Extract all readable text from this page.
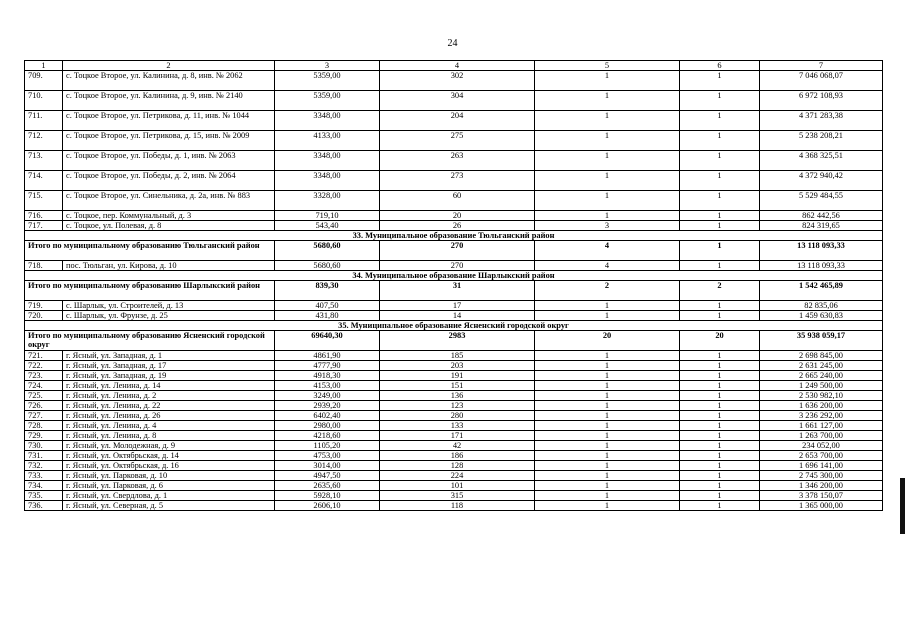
24
1	2	3	4	5	6	7
709.	с. Тоцкое Второе, ул. Калинина, д. 8, инв. № 2062	5359,00	302	1	1	7 046 068,07
710.	с. Тоцкое Второе, ул. Калинина, д. 9, инв. № 2140	5359,00	304	1	1	6 972 108,93
711.	с. Тоцкое Второе, ул. Петрикова, д. 11, инв. № 1044	3348,00	204	1	1	4 371 283,38
712.	с. Тоцкое Второе, ул. Петрикова, д. 15, инв. № 2009	4133,00	275	1	1	5 238 208,21
713.	с. Тоцкое Второе, ул. Победы, д. 1, инв. № 2063	3348,00	263	1	1	4 368 325,51
714.	с. Тоцкое Второе, ул. Победы, д. 2, инв. № 2064	3348,00	273	1	1	4 372 940,42
715.	с. Тоцкое Второе, ул. Синельника, д. 2а, инв. № 883	3328,00	60	1	1	5 529 484,55
716.	с. Тоцкое, пер. Коммунальный, д. 3	719,10	20	1	1	862 442,56
717.	с. Тоцкое, ул. Полевая, д. 8	543,40	26	3	1	824 319,65
33. Муниципальное образование Тюльганский район						
Итого по муниципальному образованию Тюльганский район		5680,60	270	4	1	13 118 093,33
718.	пос. Тюльган, ул. Кирова, д. 10	5680,60	270	4	1	13 118 093,33
34. Муниципальное образование Шарлыкский район						
Итого по муниципальному образованию Шарлыкский район		839,30	31	2	2	1 542 465,89
719.	с. Шарлык, ул. Строителей, д. 13	407,50	17	1	1	82 835,06
720.	с. Шарлык, ул. Фрунзе, д. 25	431,80	14	1	1	1 459 630,83
35. Муниципальное образование Ясненский городской округ						
Итого по муниципальному образованию Ясненский городской округ		69640,30	2983	20	20	35 938 059,17
721.	г. Ясный, ул. Западная, д. 1	4861,90	185	1	1	2 698 845,00
722.	г. Ясный, ул. Западная, д. 17	4777,90	203	1	1	2 631 245,00
723.	г. Ясный, ул. Западная, д. 19	4918,30	191	1	1	2 665 240,00
724.	г. Ясный, ул. Ленина, д. 14	4153,00	151	1	1	1 249 500,00
725.	г. Ясный, ул. Ленина, д. 2	3249,00	136	1	1	2 530 982,10
726.	г. Ясный, ул. Ленина, д. 22	2939,20	123	1	1	1 636 200,00
727.	г. Ясный, ул. Ленина, д. 26	6402,40	280	1	1	3 236 292,00
728.	г. Ясный, ул. Ленина, д. 4	2980,00	133	1	1	1 661 127,00
729.	г. Ясный, ул. Ленина, д. 8	4218,60	171	1	1	1 263 700,00
730.	г. Ясный, ул. Молодежная, д. 9	1105,20	42	1	1	234 052,00
731.	г. Ясный, ул. Октябрьская, д. 14	4753,00	186	1	1	2 653 700,00
732.	г. Ясный, ул. Октябрьская, д. 16	3014,00	128	1	1	1 696 141,00
733.	г. Ясный, ул. Парковая, д. 10	4947,50	224	1	1	2 745 300,00
734.	г. Ясный, ул. Парковая, д. 6	2635,60	101	1	1	1 346 200,00
735.	г. Ясный, ул. Свердлова, д. 1	5928,10	315	1	1	3 378 150,07
736.	г. Ясный, ул. Северная, д. 5	2606,10	118	1	1	1 365 000,00
